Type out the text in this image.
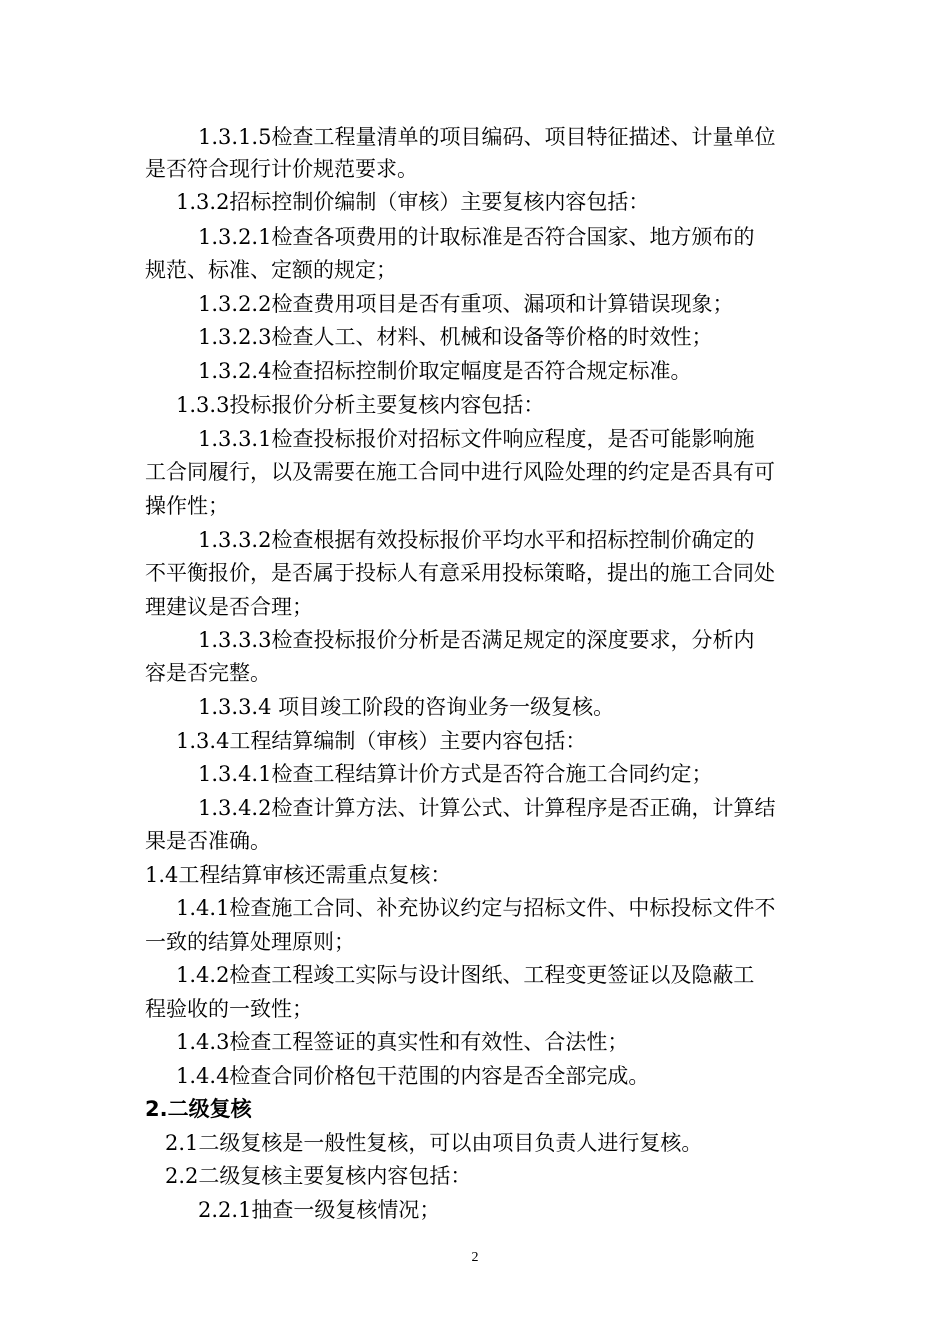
1.3.1.5检查工程量清单的项目编码、项目特征描述、计量单位
是否符合现行计价规范要求。
1.3.2招标控制价编制（审核）主要复核内容包括：
1.3.2.1检查各项费用的计取标准是否符合国家、地方颁布的
规范、标准、定额的规定；
1.3.2.2检查费用项目是否有重项、漏项和计算错误现象；
1.3.2.3检查人工、材料、机械和设备等价格的时效性；
1.3.2.4检查招标控制价取定幅度是否符合规定标准。
1.3.3投标报价分析主要复核内容包括：
1.3.3.1检查投标报价对招标文件响应程度，是否可能影响施
工合同履行，以及需要在施工合同中进行风险处理的约定是否具有可
操作性；
1.3.3.2检查根据有效投标报价平均水平和招标控制价确定的
不平衡报价，是否属于投标人有意采用投标策略，提出的施工合同处
理建议是否合理；
1.3.3.3检查投标报价分析是否满足规定的深度要求，分析内
容是否完整。
1.3.3.4 项目竣工阶段的咨询业务一级复核。
1.3.4工程结算编制（审核）主要内容包括：
1.3.4.1检查工程结算计价方式是否符合施工合同约定；
1.3.4.2检查计算方法、计算公式、计算程序是否正确，计算结
果是否准确。
1.4工程结算审核还需重点复核：
1.4.1检查施工合同、补充协议约定与招标文件、中标投标文件不
一致的结算处理原则；
1.4.2检查工程竣工实际与设计图纸、工程变更签证以及隐蔽工
程验收的一致性；
1.4.3检查工程签证的真实性和有效性、合法性；
1.4.4检查合同价格包干范围的内容是否全部完成。
2.二级复核
2.1二级复核是一般性复核，可以由项目负责人进行复核。
2.2二级复核主要复核内容包括：
2.2.1抽查一级复核情况；
2
